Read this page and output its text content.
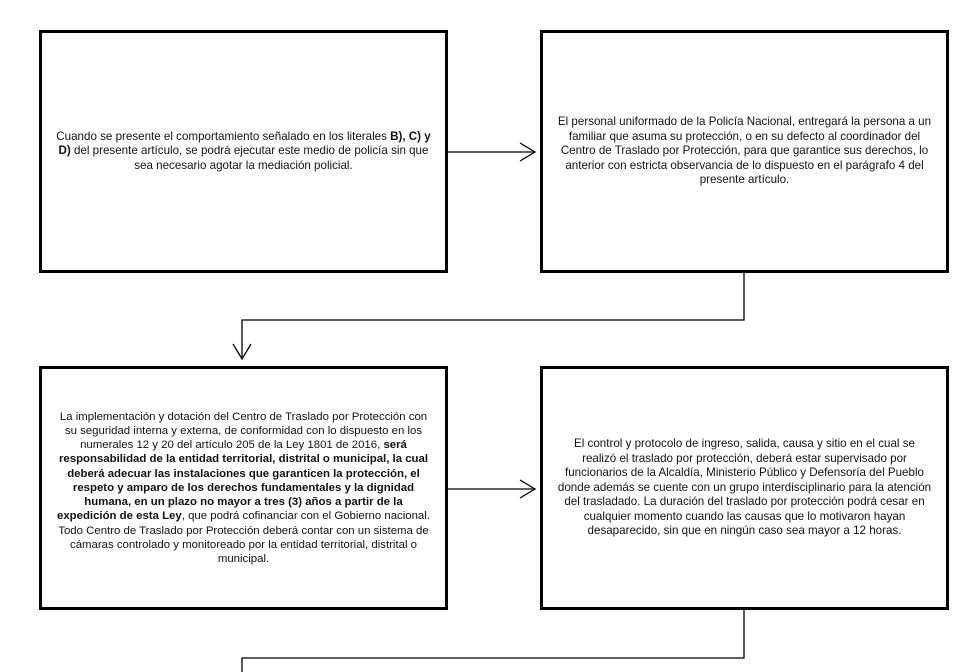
Cuando se presente el comportamiento señalado en los literales B), C) y D) del presente artículo, se podrá ejecutar este medio de policía sin que sea necesario agotar la mediación policial.

El personal uniformado de la Policía Nacional, entregará la persona a un familiar que asuma su protección, o en su defecto al coordinador del Centro de Traslado por Protección, para que garantice sus derechos, lo anterior con estricta observancia de lo dispuesto en el parágrafo 4 del presente artículo.

La implementación y dotación del Centro de Traslado por Protección con su seguridad interna y externa, de conformidad con lo dispuesto en los numerales 12 y 20 del artículo 205 de la Ley 1801 de 2016, será responsabilidad de la entidad territorial, distrital o municipal, la cual deberá adecuar las instalaciones que garanticen la protección, el respeto y amparo de los derechos fundamentales y la dignidad humana, en un plazo no mayor a tres (3) años a partir de la expedición de esta Ley, que podrá cofinanciar con el Gobierno nacional. Todo Centro de Traslado por Protección deberá contar con un sistema de cámaras controlado y monitoreado por la entidad territorial, distrital o municipal.

El control y protocolo de ingreso, salida, causa y sitio en el cual se realizó el traslado por protección, deberá estar supervisado por funcionarios de la Alcaldía, Ministerio Público y Defensoría del Pueblo donde además se cuente con un grupo interdisciplinario para la atención del trasladado. La duración del traslado por protección podrá cesar en cualquier momento cuando las causas que lo motivaron hayan desaparecido, sin que en ningún caso sea mayor a 12 horas.
